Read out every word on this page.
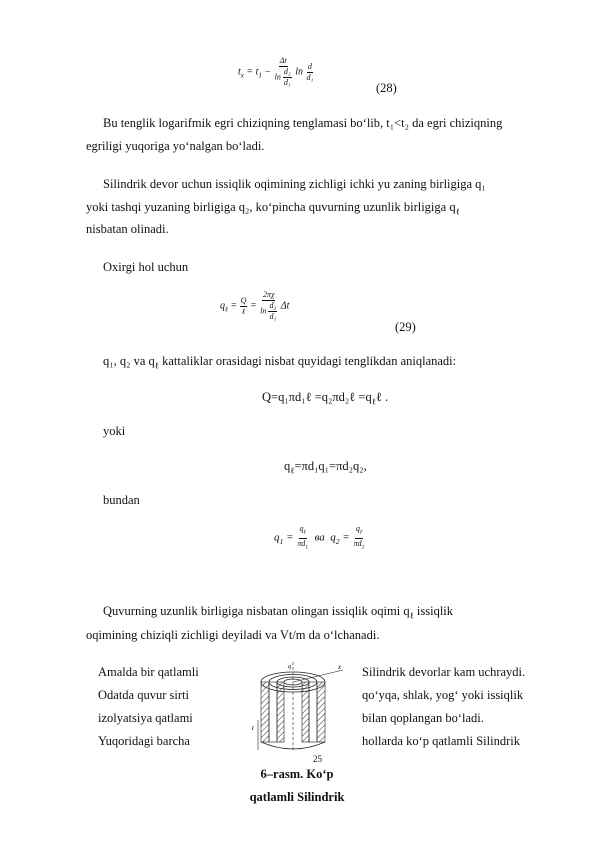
$t_x = t_1 - \frac{\Delta t}{\ln \frac{\text{d₂}}{\text{d₁}}}$ $\ln \frac{d}{\text{d₁}}$
(28)
Bu tenglik logarifmik egri chiziqning tenglamasi bo‘lib, t₁<t₂ da egri chiziqning
egriligi yuqoriga yo‘nalgan bo‘ladi.
Silindrik devor uchun issiqlik oqimining zichligi ichki yu zaning birligiga q₁
yoki tashqi yuzaning birligiga q₂, ko‘pincha quvurning uzunlik birligiga $q_\ell$
nisbatan olinadi.
Oxirgi hol uchun
$q_\ell = \frac{Q}{\text{ℓ}} = \frac{2\pi\chi}{\ln \frac{\text{d₂}}{\text{d₁}}}$ Δt
(29)
q₁, q₂ va $q_\ell$ kattaliklar orasidagi nisbat quyidagi tenglikdan aniqlanadi:
Q=q₁πd₁ℓ =q₂πd₂ℓ $=q_\ell\ell$ .
yoki
$q_\ell=\pi d_1q_1=\pi d_2q_2$,
bundan
$q_1 = \frac{q_\ell}{\pi d_1}$ ва $q_2 = \frac{q_\ell}{\pi d_2}$
Quvurning uzunlik birligiga nisbatan olingan issiqlik oqimi $q_\ell$ issiqlik
oqimining chiziqli zichligi deyiladi va Vt/m da o‘lchanadi.
Amalda bir qatlamli
Odatda quvur sirti
izolyatsiya qatlami
Yuqoridagi barcha
Silindrik devorlar kam uchraydi.
qo‘yqa, shlak, yog‘ yoki issiqlik
bilan qoplangan bo‘ladi.
hollarda ko‘p qatlamli Silindrik
x
t
q
25
6–rasm. Ko‘p
qatlamli Silindrik
